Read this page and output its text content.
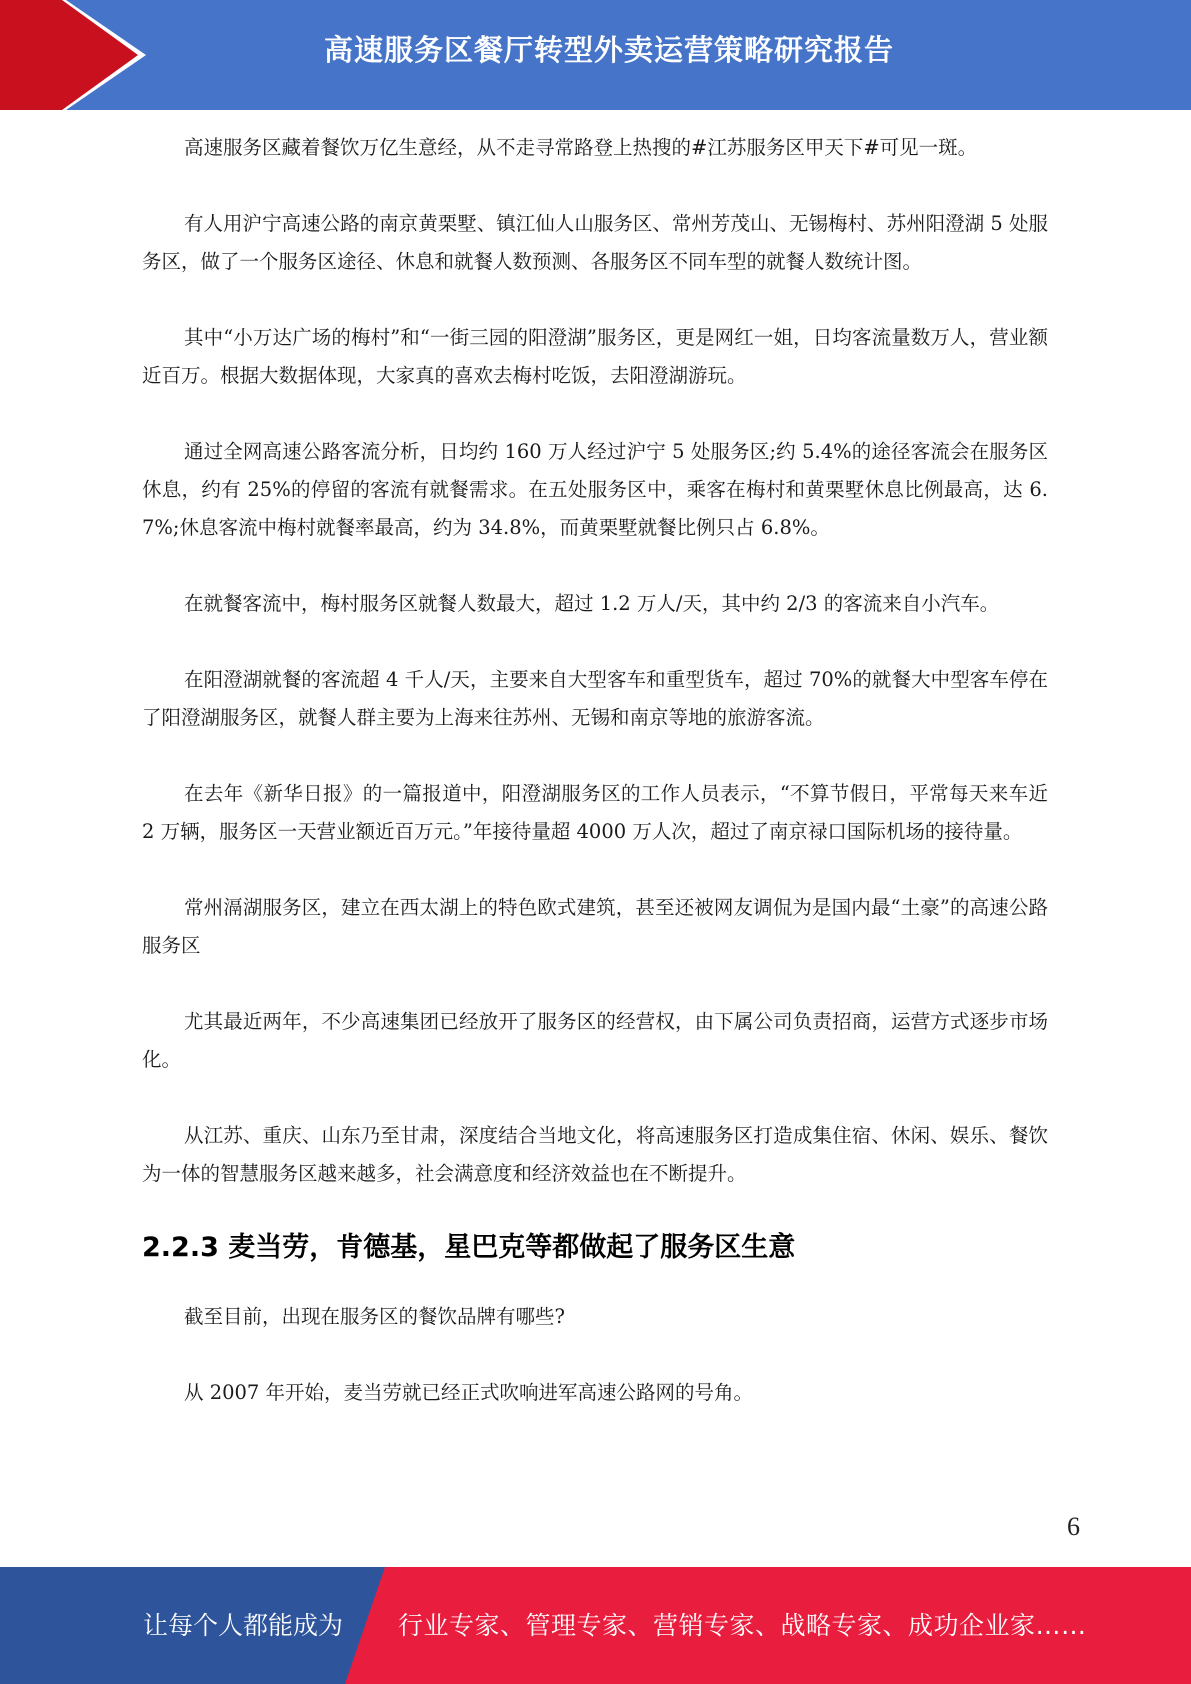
高速服务区餐厅转型外卖运营策略研究报告

高速服务区藏着餐饮万亿生意经，从不走寻常路登上热搜的#江苏服务区甲天下#可见一斑。

有人用沪宁高速公路的南京黄栗墅、镇江仙人山服务区、常州芳茂山、无锡梅村、苏州阳澄湖 5 处服务区，做了一个服务区途径、休息和就餐人数预测、各服务区不同车型的就餐人数统计图。

其中“小万达广场的梅村”和“一街三园的阳澄湖”服务区，更是网红一姐，日均客流量数万人，营业额近百万。根据大数据体现，大家真的喜欢去梅村吃饭，去阳澄湖游玩。

通过全网高速公路客流分析，日均约 160 万人经过沪宁 5 处服务区;约 5.4%的途径客流会在服务区休息，约有 25%的停留的客流有就餐需求。在五处服务区中，乘客在梅村和黄栗墅休息比例最高，达 6.7%;休息客流中梅村就餐率最高，约为 34.8%，而黄栗墅就餐比例只占 6.8%。

在就餐客流中，梅村服务区就餐人数最大，超过 1.2 万人/天，其中约 2/3 的客流来自小汽车。

在阳澄湖就餐的客流超 4 千人/天，主要来自大型客车和重型货车，超过 70%的就餐大中型客车停在了阳澄湖服务区，就餐人群主要为上海来往苏州、无锡和南京等地的旅游客流。

在去年《新华日报》的一篇报道中，阳澄湖服务区的工作人员表示，“不算节假日，平常每天来车近 2 万辆，服务区一天营业额近百万元。”年接待量超 4000 万人次，超过了南京禄口国际机场的接待量。

常州滆湖服务区，建立在西太湖上的特色欧式建筑，甚至还被网友调侃为是国内最“土豪”的高速公路服务区

尤其最近两年，不少高速集团已经放开了服务区的经营权，由下属公司负责招商，运营方式逐步市场化。

从江苏、重庆、山东乃至甘肃，深度结合当地文化，将高速服务区打造成集住宿、休闲、娱乐、餐饮为一体的智慧服务区越来越多，社会满意度和经济效益也在不断提升。

2.2.3 麦当劳，肯德基，星巴克等都做起了服务区生意

截至目前，出现在服务区的餐饮品牌有哪些?

从 2007 年开始，麦当劳就已经正式吹响进军高速公路网的号角。

6
让每个人都能成为 行业专家、管理专家、营销专家、战略专家、成功企业家……
